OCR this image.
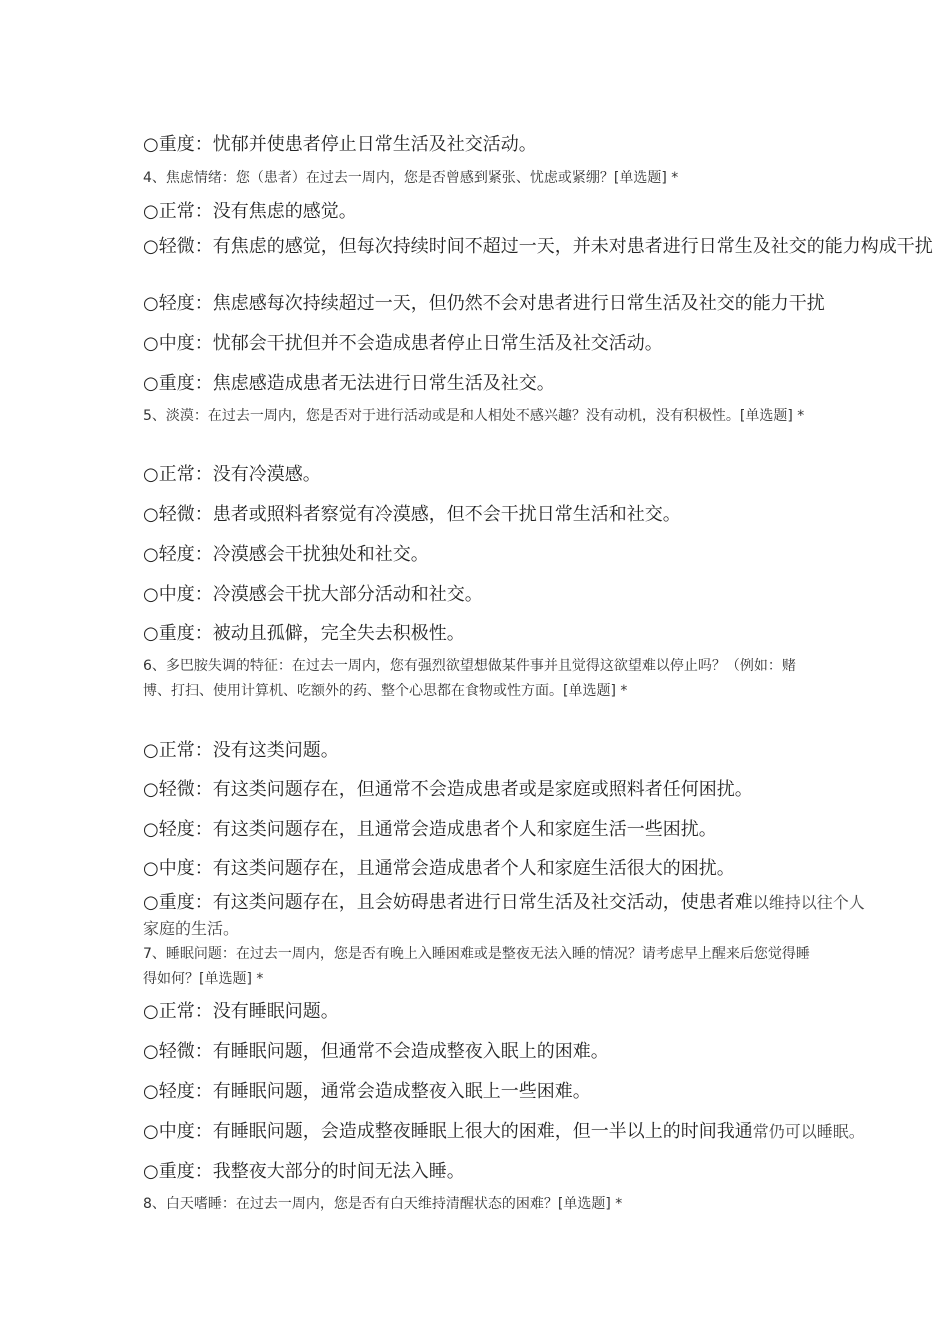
○重度：忧郁并使患者停止日常生活及社交活动。
4、焦虑情绪：您（患者）在过去一周内，您是否曾感到紧张、忧虑或紧绷？[单选题] *
○正常：没有焦虑的感觉。
○轻微：有焦虑的感觉，但每次持续时间不超过一天，并未对患者进行日常生及社交的能力构成干扰
○轻度：焦虑感每次持续超过一天，但仍然不会对患者进行日常生活及社交的能力干扰
○中度：忧郁会干扰但并不会造成患者停止日常生活及社交活动。
○重度：焦虑感造成患者无法进行日常生活及社交。
5、淡漠：在过去一周内，您是否对于进行活动或是和人相处不感兴趣？没有动机，没有积极性。[单选题] *
○正常：没有冷漠感。
○轻微：患者或照料者察觉有冷漠感，但不会干扰日常生活和社交。
○轻度：冷漠感会干扰独处和社交。
○中度：冷漠感会干扰大部分活动和社交。
○重度：被动且孤僻，完全失去积极性。
6、多巴胺失调的特征：在过去一周内，您有强烈欲望想做某件事并且觉得这欲望难以停止吗？（例如：赌博、打扫、使用计算机、吃额外的药、整个心思都在食物或性方面。[单选题] *
○正常：没有这类问题。
○轻微：有这类问题存在，但通常不会造成患者或是家庭或照料者任何困扰。
○轻度：有这类问题存在，且通常会造成患者个人和家庭生活一些困扰。
○中度：有这类问题存在，且通常会造成患者个人和家庭生活很大的困扰。
○重度：有这类问题存在，且会妨碍患者进行日常生活及社交活动，使患者难以维持以往个人
家庭的生活。
7、睡眠问题：在过去一周内，您是否有晚上入睡困难或是整夜无法入睡的情况？请考虑早上醒来后您觉得睡得如何？[单选题] *
○正常：没有睡眠问题。
○轻微：有睡眠问题，但通常不会造成整夜入眠上的困难。
○轻度：有睡眠问题，通常会造成整夜入眠上一些困难。
○中度：有睡眠问题，会造成整夜睡眠上很大的困难，但一半以上的时间我通常仍可以睡眠。
○重度：我整夜大部分的时间无法入睡。
8、白天嗜睡：在过去一周内，您是否有白天维持清醒状态的困难？[单选题] *
